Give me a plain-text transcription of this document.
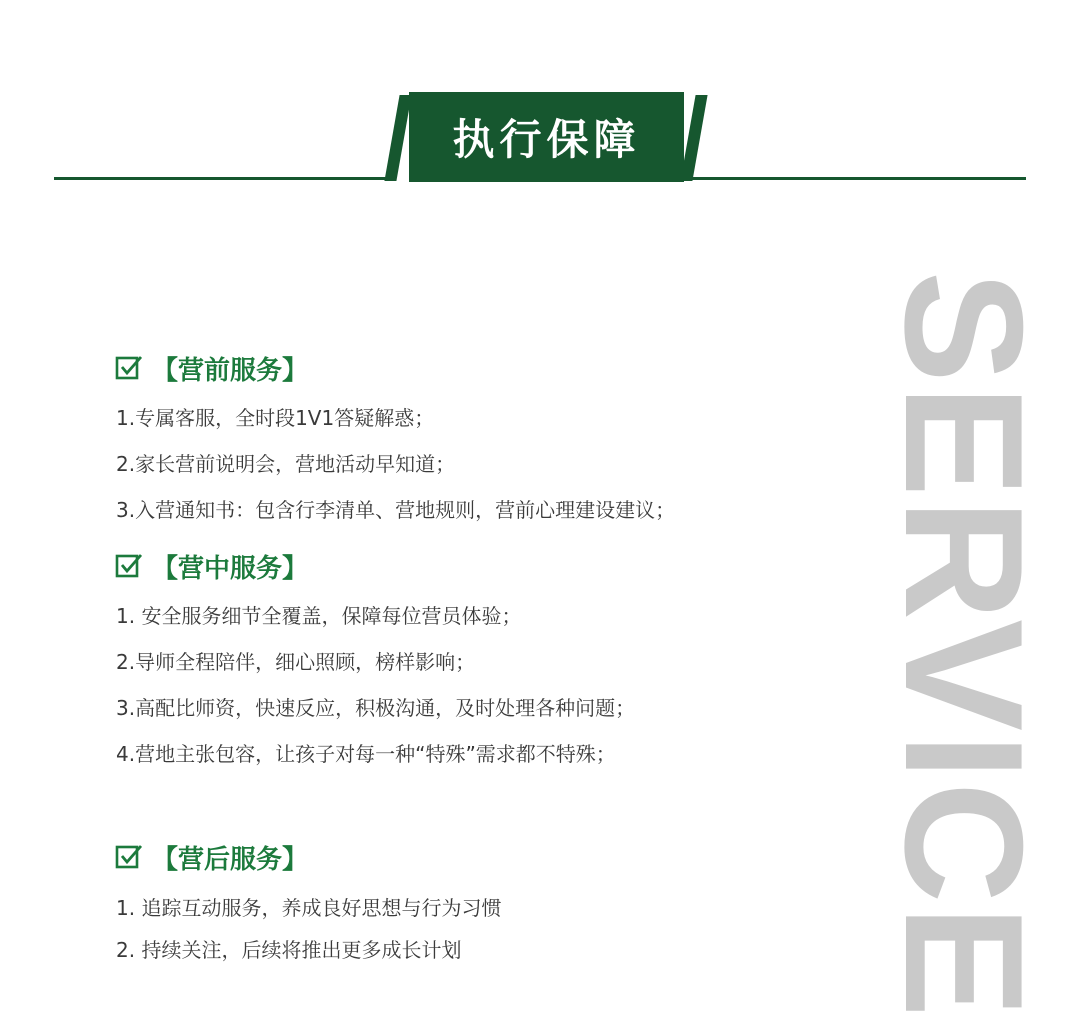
执行保障
SERVICE
【营前服务】
1.专属客服，全时段1V1答疑解惑；
2.家长营前说明会，营地活动早知道；
3.入营通知书：包含行李清单、营地规则，营前心理建设建议；
【营中服务】
1. 安全服务细节全覆盖，保障每位营员体验；
2.导师全程陪伴，细心照顾，榜样影响；
3.高配比师资，快速反应，积极沟通，及时处理各种问题；
4.营地主张包容，让孩子对每一种“特殊”需求都不特殊；
【营后服务】
1. 追踪互动服务，养成良好思想与行为习惯
2. 持续关注，后续将推出更多成长计划
